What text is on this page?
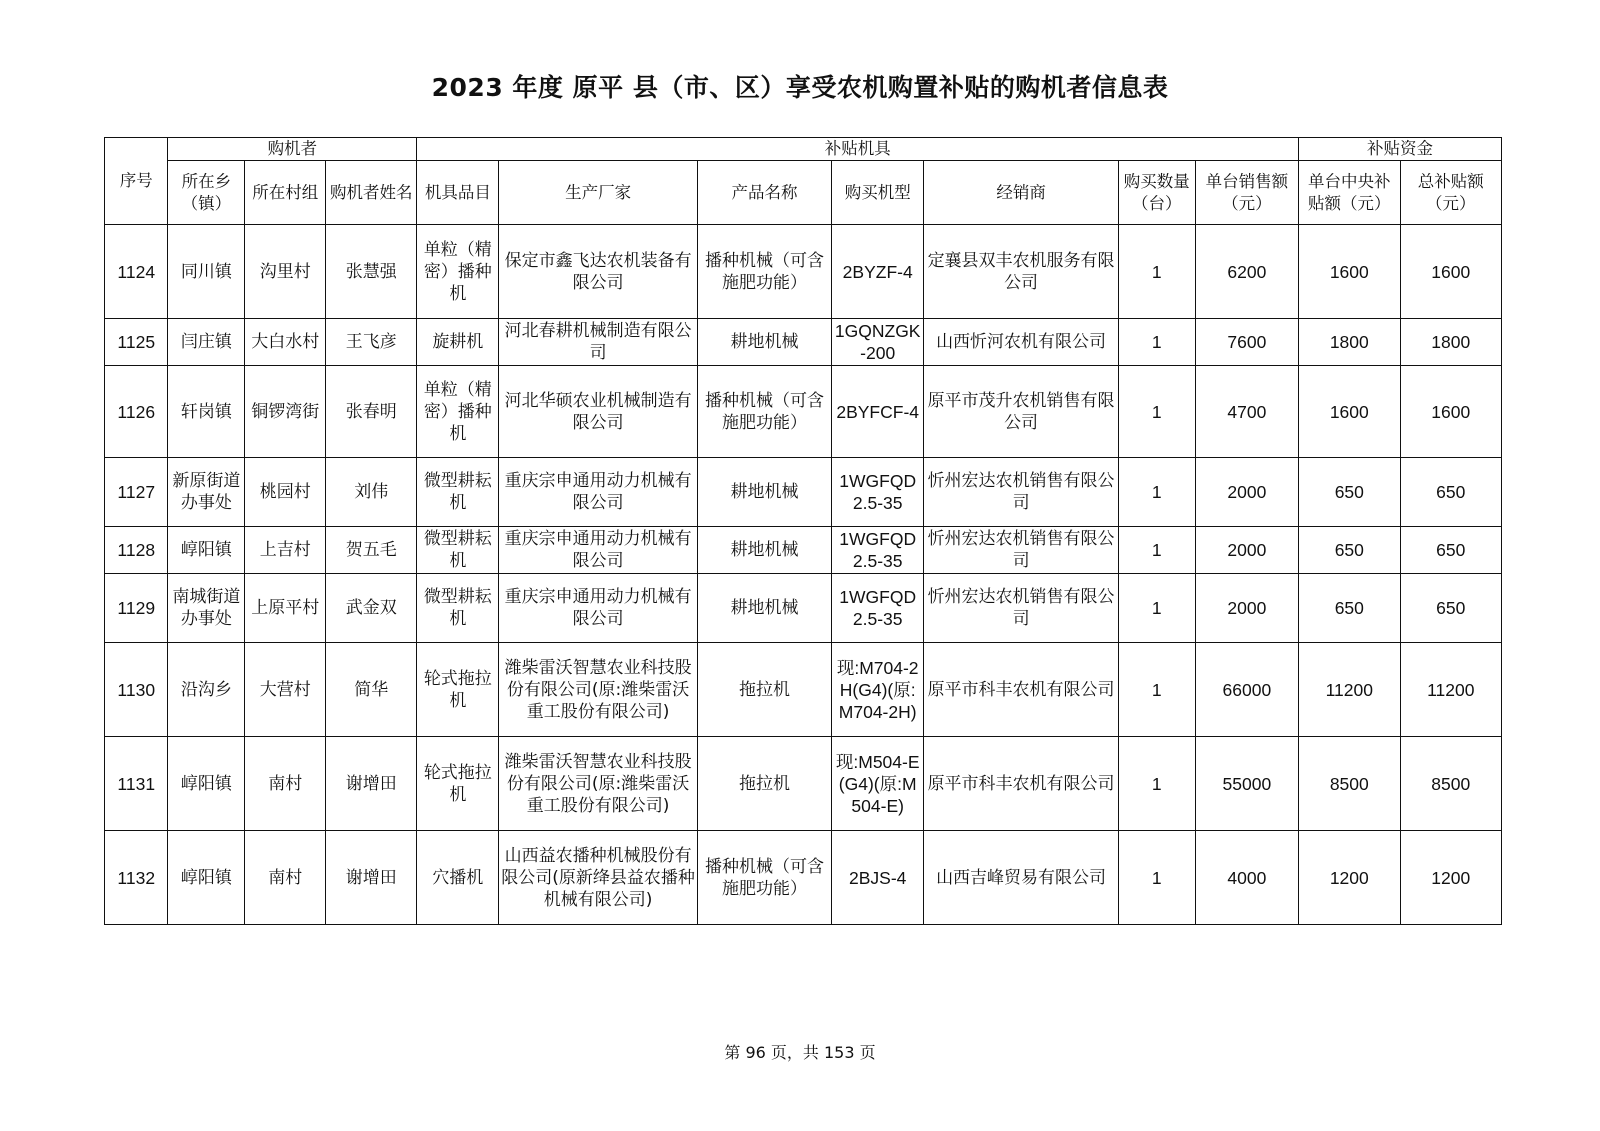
2023 年度 原平 县（市、区）享受农机购置补贴的购机者信息表
序号	购机者			补贴机具							补贴资金	
	所在乡（镇）	所在村组	购机者姓名	机具品目	生产厂家	产品名称	购买机型	经销商	购买数量（台）	单台销售额（元）	单台中央补贴额（元）	总补贴额（元）
1124	同川镇	沟里村	张慧强	单粒（精密）播种机	保定市鑫飞达农机装备有限公司	播种机械（可含施肥功能）	2BYZF-4	定襄县双丰农机服务有限公司	1	6200	1600	1600
1125	闫庄镇	大白水村	王飞彦	旋耕机	河北春耕机械制造有限公司	耕地机械	1GQNZGK-200	山西忻河农机有限公司	1	7600	1800	1800
1126	轩岗镇	铜锣湾街	张春明	单粒（精密）播种机	河北华硕农业机械制造有限公司	播种机械（可含施肥功能）	2BYFCF-4	原平市茂升农机销售有限公司	1	4700	1600	1600
1127	新原街道办事处	桃园村	刘伟	微型耕耘机	重庆宗申通用动力机械有限公司	耕地机械	1WGFQD2.5-35	忻州宏达农机销售有限公司	1	2000	650	650
1128	崞阳镇	上吉村	贺五毛	微型耕耘机	重庆宗申通用动力机械有限公司	耕地机械	1WGFQD2.5-35	忻州宏达农机销售有限公司	1	2000	650	650
1129	南城街道办事处	上原平村	武金双	微型耕耘机	重庆宗申通用动力机械有限公司	耕地机械	1WGFQD2.5-35	忻州宏达农机销售有限公司	1	2000	650	650
1130	沿沟乡	大营村	简华	轮式拖拉机	潍柴雷沃智慧农业科技股份有限公司(原:潍柴雷沃重工股份有限公司)	拖拉机	现:M704-2H(G4)(原:M704-2H)	原平市科丰农机有限公司	1	66000	11200	11200
1131	崞阳镇	南村	谢增田	轮式拖拉机	潍柴雷沃智慧农业科技股份有限公司(原:潍柴雷沃重工股份有限公司)	拖拉机	现:M504-E(G4)(原:M504-E)	原平市科丰农机有限公司	1	55000	8500	8500
1132	崞阳镇	南村	谢增田	穴播机	山西益农播种机械股份有限公司(原新绛县益农播种机械有限公司)	播种机械（可含施肥功能）	2BJS-4	山西吉峰贸易有限公司	1	4000	1200	1200
第 96 页，共 153 页
